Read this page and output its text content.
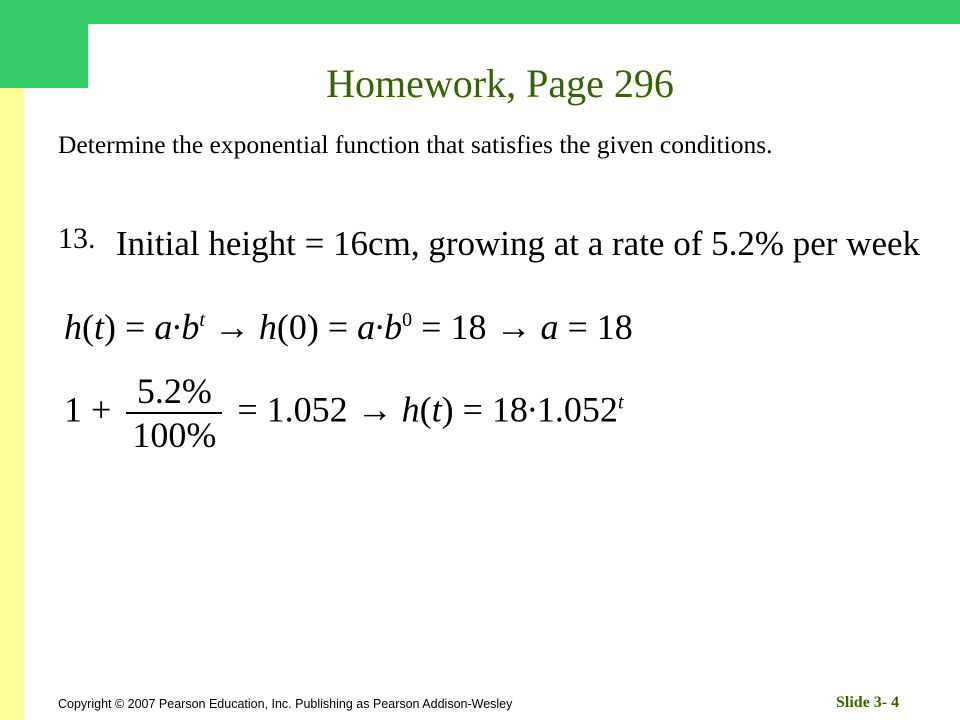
Homework, Page 296
Determine the exponential function that satisfies the given conditions.
13. Initial height = 16cm, growing at a rate of 5.2% per week
$h(t) = a\cdot b^t \to h(0) = a\cdot b^0 = 18 \to a = 18$
$1 + \frac{5.2\%}{100\%} = 1.052 \to h(t) = 18\cdot 1.052^t$
Copyright © 2007 Pearson Education, Inc. Publishing as Pearson Addison-Wesley	Slide 3- 4
